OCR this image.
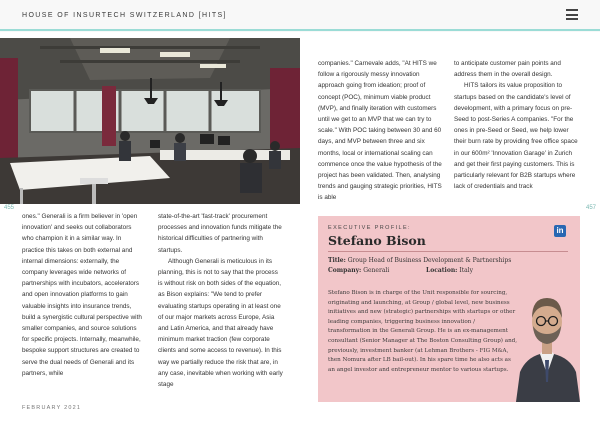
HOUSE OF INSURTECH SWITZERLAND [HITS]
455	457

ones." Generali is a firm believer in 'open innovation' and seeks out collaborators who champion it in a similar way. In practice this takes on both external and internal dimensions: externally, the company leverages wide networks of partnerships with incubators, accelerators and open innovation platforms to gain valuable insights into insurance trends, build a synergistic cultural perspective with smaller companies, and source solutions for specific projects. Internally, meanwhile, bespoke support structures are created to serve the dual needs of Generali and its partners, while

state-of-the-art 'fast-track' procurement processes and innovation funds mitigate the historical difficulties of partnering with startups.

Although Generali is meticulous in its planning, this is not to say that the process is without risk on both sides of the equation, as Bison explains: "We tend to prefer evaluating startups operating in at least one of our major markets across Europe, Asia and Latin America, and that already have minimum market traction (few corporate clients and some access to revenue). In this way we partially reduce the risk that are, in any case, inevitable when working with early stage

companies." Carnevale adds, "At HITS we follow a rigorously messy innovation approach going from ideation; proof of concept (POC), minimum viable product (MVP), and finally iteration with customers until we get to an MVP that we can try to scale." With POC taking between 30 and 60 days, and MVP between three and six months, local or international scaling can commence once the value hypothesis of the project has been validated. Then, analysing trends and gauging strategic priorities, HITS is able

to anticipate customer pain points and address them in the overall design.

HITS tailors its value proposition to startups based on the candidate's level of development, with a primary focus on pre-Seed to post-Series A companies. "For the ones in pre-Seed or Seed, we help lower their burn rate by providing free office space in our 600m² 'Innovation Garage' in Zurich and get their first paying customers. This is particularly relevant for B2B startups where lack of credentials and track

EXECUTIVE PROFILE:
Stefano Bison
in
Title: Group Head of Business Development & Partnerships
Company: Generali	Location: Italy
Stefano Bison is in charge of the Unit responsible for sourcing, originating and launching, at Group / global level, new business initiatives and new (strategic) partnerships with startups or other leading companies, triggering business innovation / transformation in the Generali Group. He is an ex-management consultant (Senior Manager at The Boston Consulting Group) and, previously, investment banker (at Lehman Brothers - FIG M&A, then Nomura after LB bail-out). In his spare time he also acts as an angel investor and entrepreneur mentor to various startups.
FEBRUARY 2021
